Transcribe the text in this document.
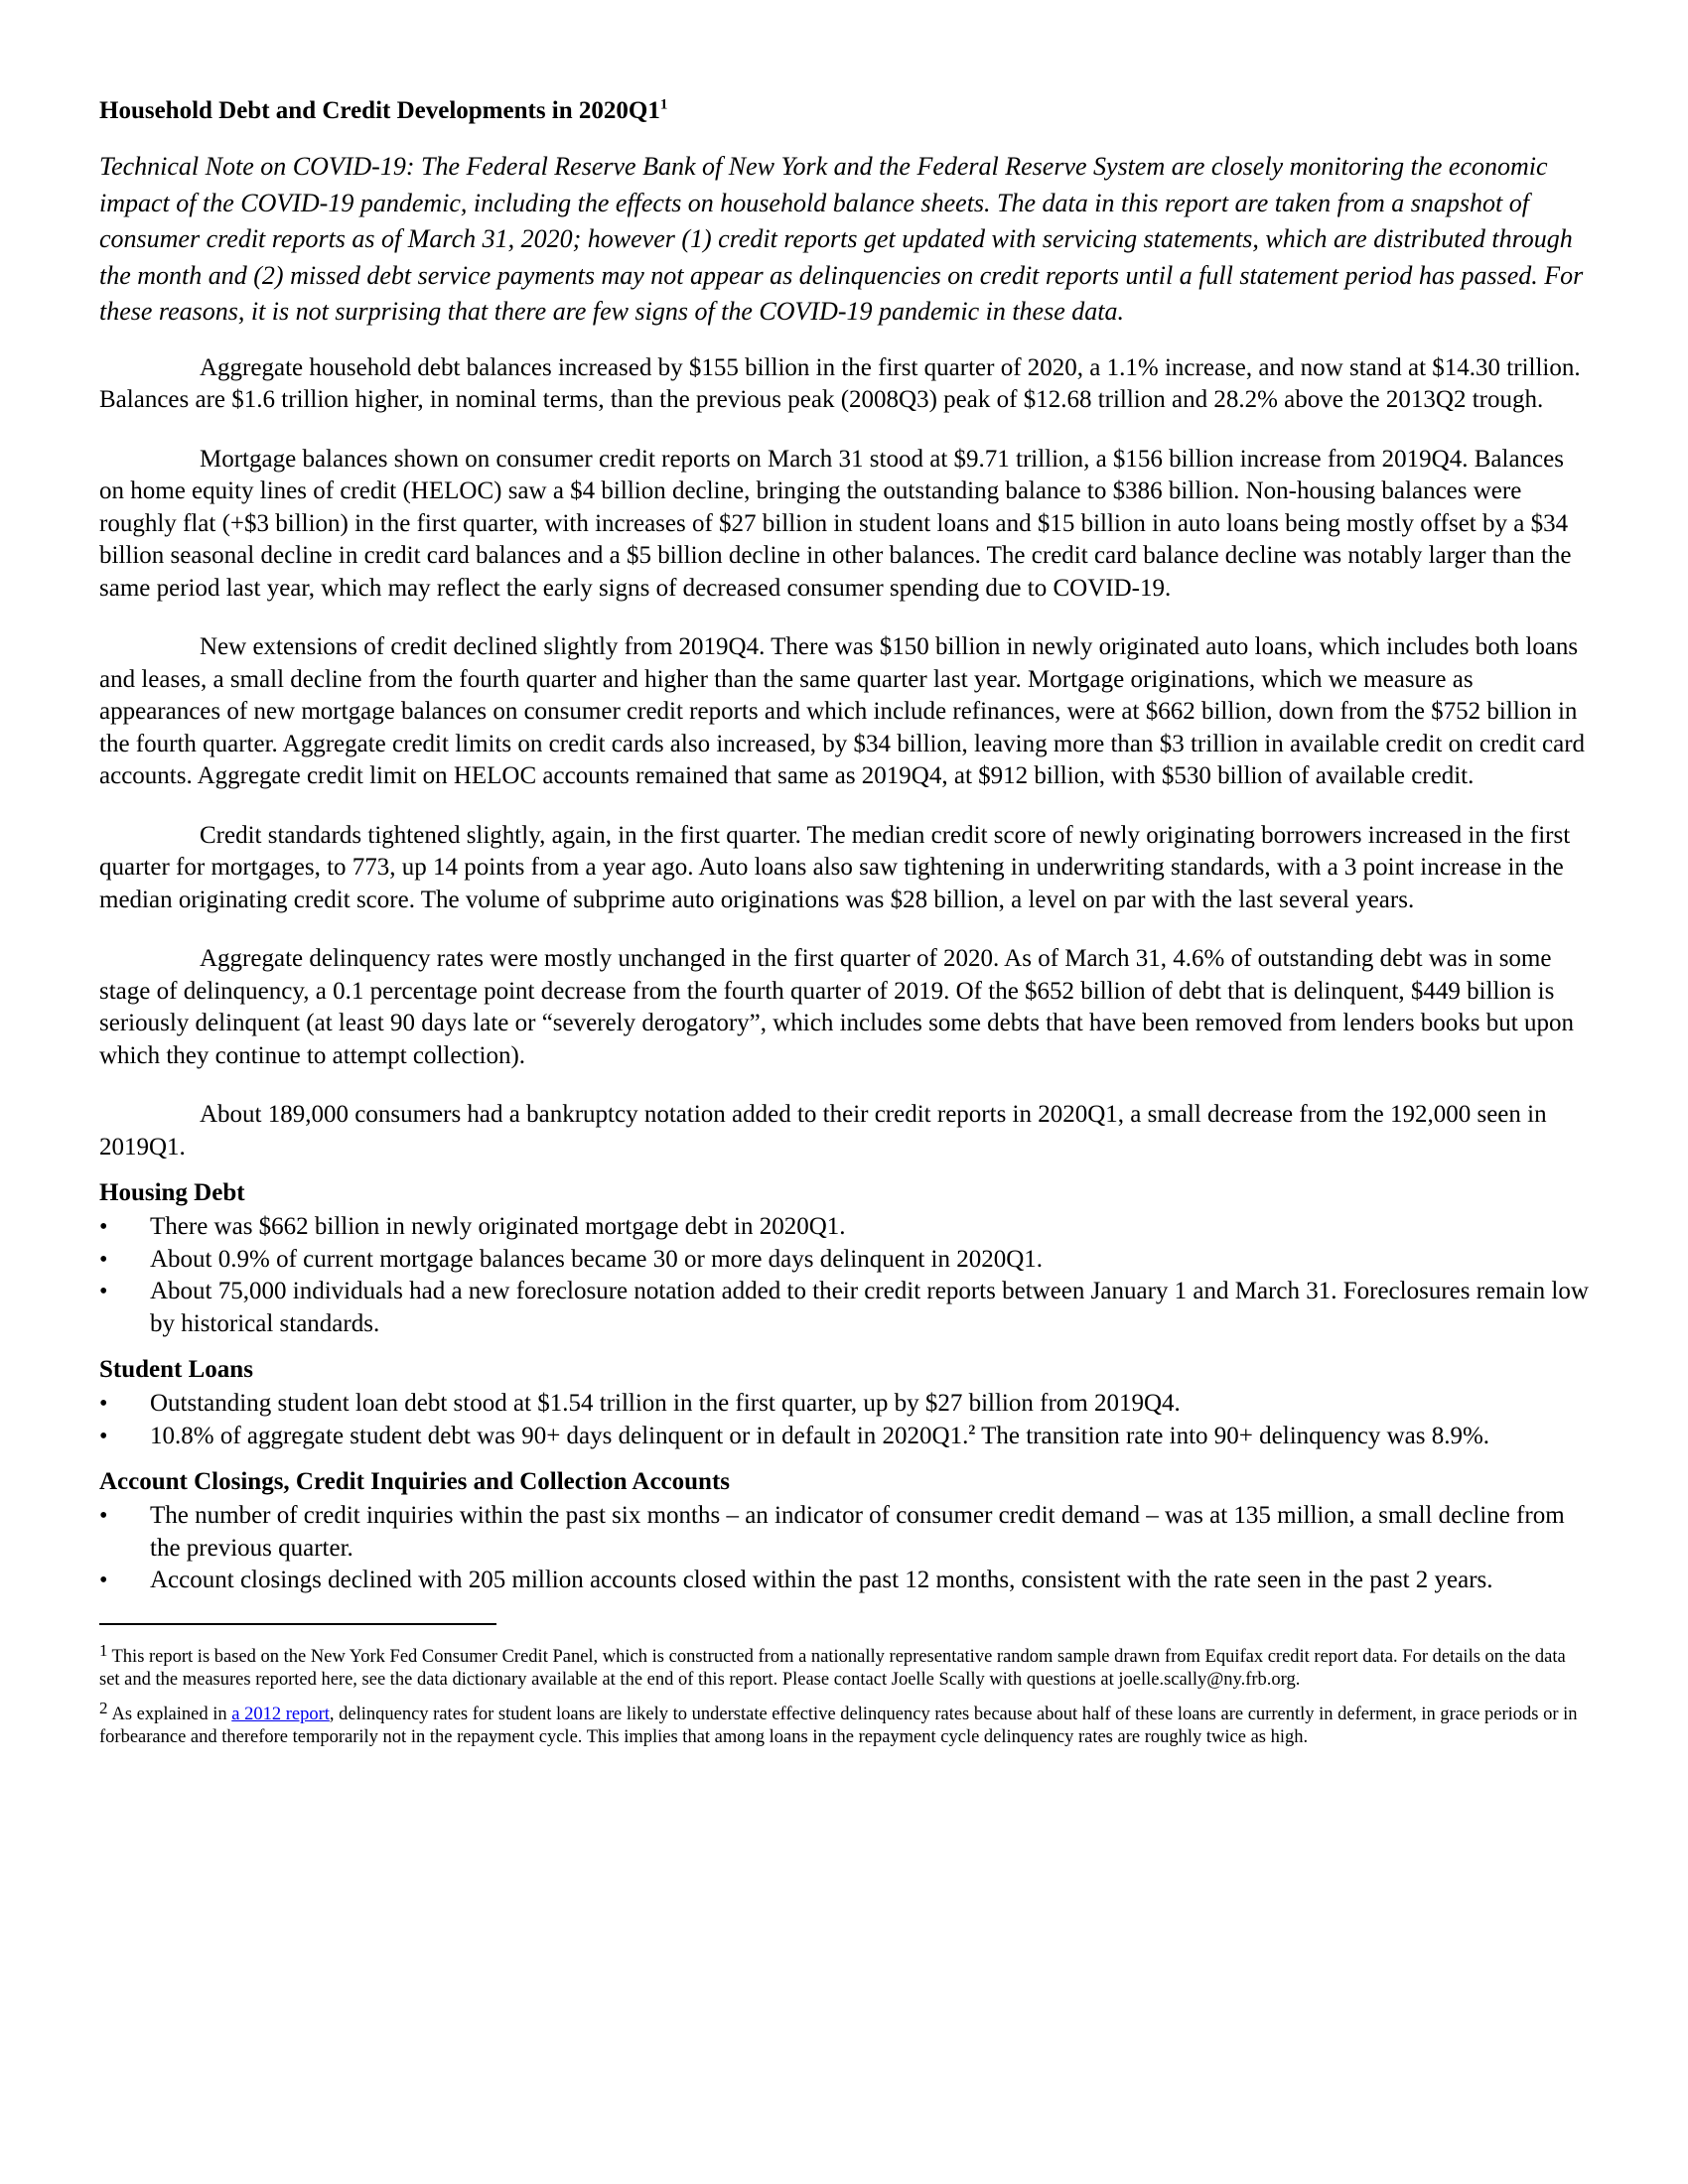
Household Debt and Credit Developments in $2020Q1^1$

Technical Note on COVID-19: The Federal Reserve Bank of New York and the Federal Reserve System are closely monitoring the economic impact of the COVID-19 pandemic, including the effects on household balance sheets. The data in this report are taken from a snapshot of consumer credit reports as of March 31, 2020; however (1) credit reports get updated with servicing statements, which are distributed through the month and (2) missed debt service payments may not appear as delinquencies on credit reports until a full statement period has passed. For these reasons, it is not surprising that there are few signs of the COVID-19 pandemic in these data.

Aggregate household debt balances increased by $155 billion in the first quarter of 2020, a 1.1% increase, and now stand at $14.30 trillion. Balances are $1.6 trillion higher, in nominal terms, than the previous peak (2008Q3) peak of $12.68 trillion and 28.2% above the 2013Q2 trough.

Mortgage balances shown on consumer credit reports on March 31 stood at $9.71 trillion, a $156 billion increase from 2019Q4. Balances on home equity lines of credit (HELOC) saw a $4 billion decline, bringing the outstanding balance to $386 billion. Non-housing balances were roughly flat (+$3 billion) in the first quarter, with increases of $27 billion in student loans and $15 billion in auto loans being mostly offset by a $34 billion seasonal decline in credit card balances and a $5 billion decline in other balances. The credit card balance decline was notably larger than the same period last year, which may reflect the early signs of decreased consumer spending due to COVID-19.

New extensions of credit declined slightly from 2019Q4. There was $150 billion in newly originated auto loans, which includes both loans and leases, a small decline from the fourth quarter and higher than the same quarter last year. Mortgage originations, which we measure as appearances of new mortgage balances on consumer credit reports and which include refinances, were at $662 billion, down from the $752 billion in the fourth quarter. Aggregate credit limits on credit cards also increased, by $34 billion, leaving more than $3 trillion in available credit on credit card accounts. Aggregate credit limit on HELOC accounts remained that same as 2019Q4, at $912 billion, with $530 billion of available credit.

Credit standards tightened slightly, again, in the first quarter. The median credit score of newly originating borrowers increased in the first quarter for mortgages, to 773, up 14 points from a year ago. Auto loans also saw tightening in underwriting standards, with a 3 point increase in the median originating credit score. The volume of subprime auto originations was $28 billion, a level on par with the last several years.

Aggregate delinquency rates were mostly unchanged in the first quarter of 2020. As of March 31, 4.6% of outstanding debt was in some stage of delinquency, a 0.1 percentage point decrease from the fourth quarter of 2019. Of the $652 billion of debt that is delinquent, $449 billion is seriously delinquent (at least 90 days late or “severely derogatory”, which includes some debts that have been removed from lenders books but upon which they continue to attempt collection).

About 189,000 consumers had a bankruptcy notation added to their credit reports in 2020Q1, a small decrease from the 192,000 seen in 2019Q1.

Housing Debt
• There was $662 billion in newly originated mortgage debt in 2020Q1.
• About 0.9% of current mortgage balances became 30 or more days delinquent in 2020Q1.
• About 75,000 individuals had a new foreclosure notation added to their credit reports between January 1 and March 31. Foreclosures remain low by historical standards.
Student Loans
• Outstanding student loan debt stood at $1.54 trillion in the first quarter, up by $27 billion from 2019Q4.
• 10.8% of aggregate student debt was 90+ days delinquent or in default in 2020Q1.$^2$ The transition rate into 90+ delinquency was 8.9%.
Account Closings, Credit Inquiries and Collection Accounts
• The number of credit inquiries within the past six months – an indicator of consumer credit demand – was at 135 million, a small decline from the previous quarter.
• Account closings declined with 205 million accounts closed within the past 12 months, consistent with the rate seen in the past 2 years.
1 This report is based on the New York Fed Consumer Credit Panel, which is constructed from a nationally representative random sample drawn from Equifax credit report data. For details on the data set and the measures reported here, see the data dictionary available at the end of this report. Please contact Joelle Scally with questions at joelle.scally@ny.frb.org.
2 As explained in a 2012 report, delinquency rates for student loans are likely to understate effective delinquency rates because about half of these loans are currently in deferment, in grace periods or in forbearance and therefore temporarily not in the repayment cycle. This implies that among loans in the repayment cycle delinquency rates are roughly twice as high.
